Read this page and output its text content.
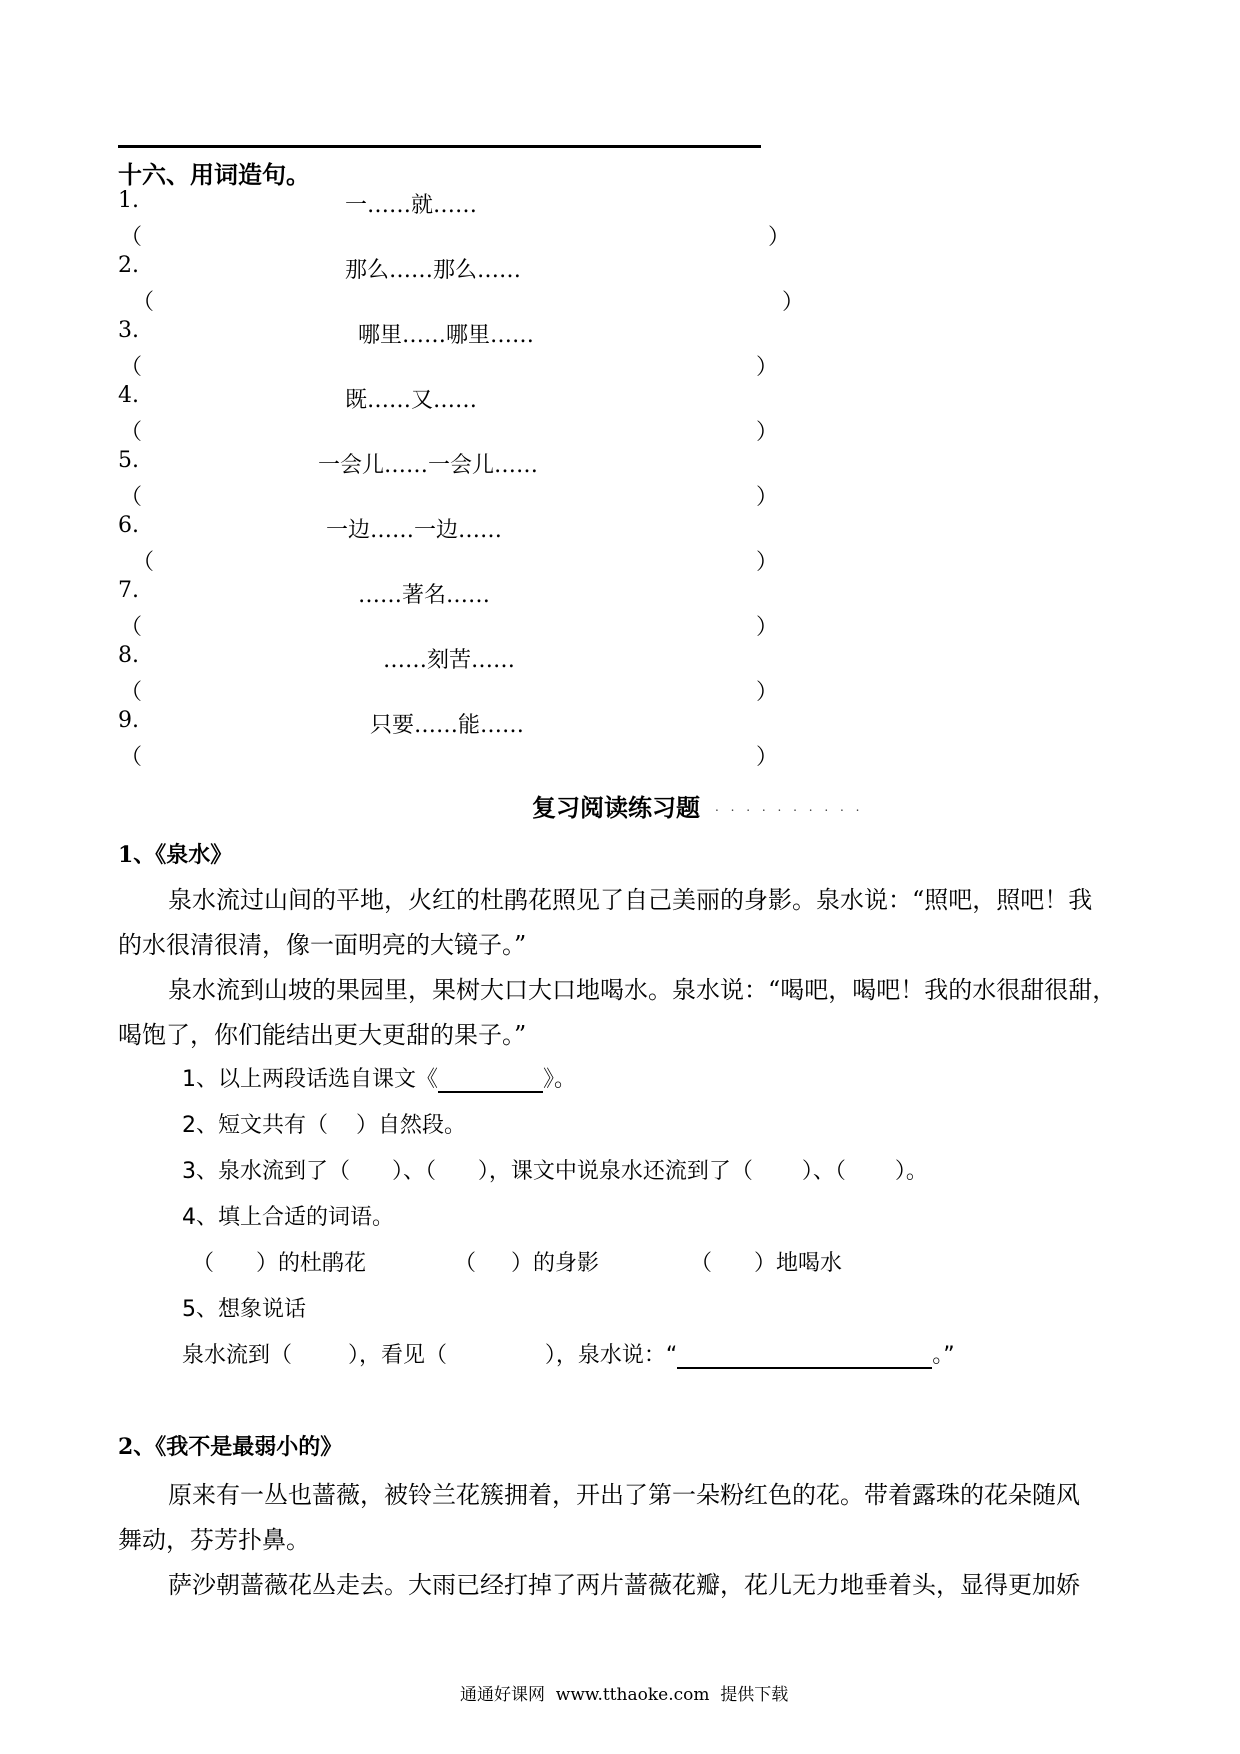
十六、用词造句。
1.	一……就……
（	）
2.	那么……那么……
（	）
3.	哪里……哪里……
（	）
4.	既……又……
（	）
5.	一会儿……一会儿……
（	）
6.	一边……一边……
（	）
7.	……著名……
（	）
8.	……刻苦……
（	）
9.	只要……能……
（	）
复习阅读练习题 . . . . . . . . . .
1、《泉水》
泉水流过山间的平地，火红的杜鹃花照见了自己美丽的身影。泉水说：“照吧，照吧！我
的水很清很清，像一面明亮的大镜子。”
泉水流到山坡的果园里，果树大口大口地喝水。泉水说：“喝吧，喝吧！我的水很甜很甜，
喝饱了，你们能结出更大更甜的果子。”
1、以上两段话选自课文《	》。
2、短文共有（    ）自然段。
3、泉水流到了（      ）、（      ），课文中说泉水还流到了（       ）、（       ）。
4、填上合适的词语。
（      ）的杜鹃花	（     ）的身影	（      ）地喝水
5、想象说话
泉水流到（        ），看见（              ），泉水说：“	。”
2、《我不是最弱小的》
原来有一丛也蔷薇，被铃兰花簇拥着，开出了第一朵粉红色的花。带着露珠的花朵随风
舞动，芬芳扑鼻。
萨沙朝蔷薇花丛走去。大雨已经打掉了两片蔷薇花瓣，花儿无力地垂着头，显得更加娇
通通好课网  www.tthaoke.com  提供下载
